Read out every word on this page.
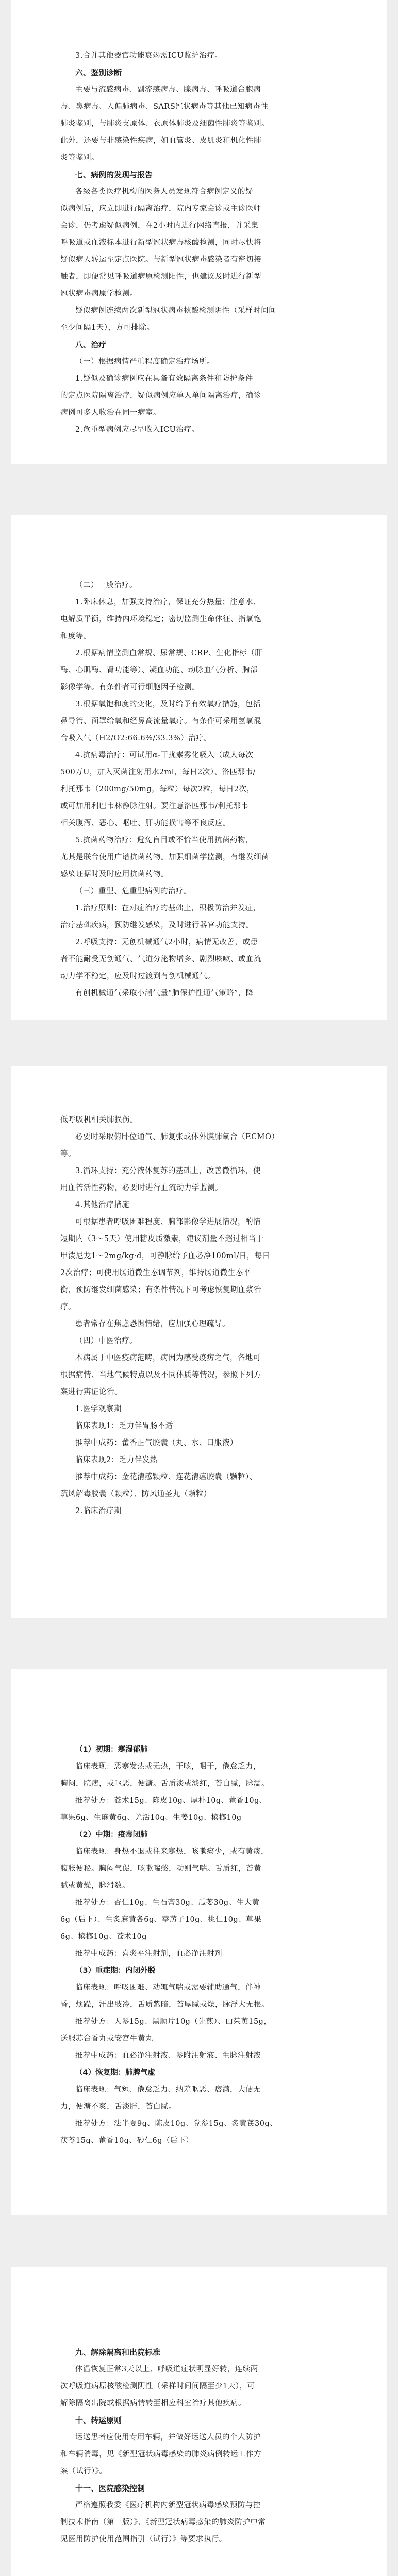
3.合并其他器官功能衰竭需ICU监护治疗。
六、鉴别诊断
主要与流感病毒、副流感病毒、腺病毒、呼吸道合胞病
毒、鼻病毒、人偏肺病毒、SARS冠状病毒等其他已知病毒性
肺炎鉴别，与肺炎支原体、衣原体肺炎及细菌性肺炎等鉴别。
此外，还要与非感染性疾病，如血管炎、皮肌炎和机化性肺
炎等鉴别。
七、病例的发现与报告
各级各类医疗机构的医务人员发现符合病例定义的疑
似病例后，应立即进行隔离治疗，院内专家会诊或主诊医师
会诊，仍考虑疑似病例，在2小时内进行网络直报，并采集
呼吸道或血液标本进行新型冠状病毒核酸检测，同时尽快将
疑似病人转运至定点医院。与新型冠状病毒感染者有密切接
触者，即便常见呼吸道病原检测阳性，也建议及时进行新型
冠状病毒病原学检测。
疑似病例连续两次新型冠状病毒核酸检测阴性（采样时间间
至少间隔1天），方可排除。
八、治疗
（一）根据病情严重程度确定治疗场所。
1.疑似及确诊病例应在具备有效隔离条件和防护条件
的定点医院隔离治疗，疑似病例应单人单间隔离治疗，确诊
病例可多人收治在同一病室。
2.危重型病例应尽早收入ICU治疗。
（二）一般治疗。
1.卧床休息，加强支持治疗，保证充分热量；注意水、
电解质平衡，维持内环境稳定；密切监测生命体征、指氧饱
和度等。
2.根据病情监测血常规、尿常规、CRP、生化指标（肝
酶、心肌酶、肾功能等）、凝血功能、动脉血气分析、胸部
影像学等。有条件者可行细胞因子检测。
3.根据氧饱和度的变化，及时给予有效氧疗措施，包括
鼻导管、面罩给氧和经鼻高流量氧疗。有条件可采用氢氧混
合吸入气（H2/O2:66.6%/33.3%）治疗。
4.抗病毒治疗：可试用α-干扰素雾化吸入（成人每次
500万U，加入灭菌注射用水2ml，每日2次）、洛匹那韦/
利托那韦（200mg/50mg，每粒）每次2粒，每日2次，
或可加用利巴韦林静脉注射。要注意洛匹那韦/利托那韦
相关腹泻、恶心、呕吐、肝功能损害等不良反应。
5.抗菌药物治疗：避免盲目或不恰当使用抗菌药物，
尤其是联合使用广谱抗菌药物。加强细菌学监测，有继发细菌
感染证据时及时应用抗菌药物。
（三）重型、危重型病例的治疗。
1.治疗原则：在对症治疗的基础上，积极防治并发症，
治疗基础疾病，预防继发感染，及时进行器官功能支持。
2.呼吸支持：无创机械通气2小时，病情无改善，或患
者不能耐受无创通气、气道分泌物增多、剧烈咳嗽、或血流
动力学不稳定，应及时过渡到有创机械通气。
有创机械通气采取小潮气量“肺保护性通气策略”，降
低呼吸机相关肺损伤。
必要时采取俯卧位通气、肺复张或体外膜肺氧合（ECMO）
等。
3.循环支持：充分液体复苏的基础上，改善微循环，使
用血管活性药物，必要时进行血流动力学监测。
4.其他治疗措施
可根据患者呼吸困难程度、胸部影像学进展情况，酌情
短期内（3～5天）使用糖皮质激素，建议剂量不超过相当于
甲泼尼龙1～2mg/kg·d，可静脉给予血必净100ml/日，每日
2次治疗；可使用肠道微生态调节剂，维持肠道微生态平
衡，预防继发细菌感染；有条件情况下可考虑恢复期血浆治
疗。
患者常存在焦虑恐惧情绪，应加强心理疏导。
（四）中医治疗。
本病属于中医疫病范畴，病因为感受疫疠之气，各地可
根据病情、当地气候特点以及不同体质等情况，参照下列方
案进行辨证论治。
1.医学观察期
临床表现1：乏力伴胃肠不适
推荐中成药：藿香正气胶囊（丸、水、口服液）
临床表现2：乏力伴发热
推荐中成药：金花清感颗粒、连花清瘟胶囊（颗粒）、
疏风解毒胶囊（颗粒）、防风通圣丸（颗粒）
2.临床治疗期
（1）初期：寒湿郁肺
临床表现：恶寒发热或无热，干咳，咽干，倦怠乏力，
胸闷，脘痞，或呕恶，便溏。舌质淡或淡红，苔白腻，脉濡。
推荐处方：苍术15g、陈皮10g、厚朴10g、藿香10g、
草果6g、生麻黄6g、羌活10g、生姜10g、槟榔10g
（2）中期：疫毒闭肺
临床表现：身热不退或往来寒热，咳嗽痰少，或有黄痰，
腹胀便秘。胸闷气促，咳嗽喘憋，动则气喘。舌质红，苔黄
腻或黄燥，脉滑数。
推荐处方：杏仁10g、生石膏30g、瓜蒌30g、生大黄
6g（后下）、生炙麻黄各6g、葶苈子10g、桃仁10g、草果
6g、槟榔10g、苍术10g
推荐中成药：喜炎平注射剂，血必净注射剂
（3）重症期：内闭外脱
临床表现：呼吸困难、动辄气喘或需要辅助通气，伴神
昏，烦躁，汗出肢冷，舌质紫暗，苔厚腻或燥，脉浮大无根。
推荐处方：人参15g、黑顺片10g（先煎）、山茱萸15g，
送服苏合香丸或安宫牛黄丸
推荐中成药：血必净注射液、参附注射液、生脉注射液
（4）恢复期：肺脾气虚
临床表现：气短、倦怠乏力、纳差呕恶、痞满，大便无
力，便溏不爽，舌淡胖，苔白腻。
推荐处方：法半夏9g、陈皮10g、党参15g、炙黄芪30g、
茯苓15g、藿香10g、砂仁6g（后下）
九、解除隔离和出院标准
体温恢复正常3天以上、呼吸道症状明显好转，连续两
次呼吸道病原核酸检测阴性（采样时间间隔至少1天），可
解除隔离出院或根据病情转至相应科室治疗其他疾病。
十、转运原则
运送患者应使用专用车辆，并做好运送人员的个人防护
和车辆消毒，见《新型冠状病毒感染的肺炎病例转运工作方
案（试行）》。
十一、医院感染控制
严格遵照我委《医疗机构内新型冠状病毒感染预防与控
制技术指南（第一版）》、《新型冠状病毒感染的肺炎防护中常
见医用防护使用范围指引（试行）》等要求执行。
